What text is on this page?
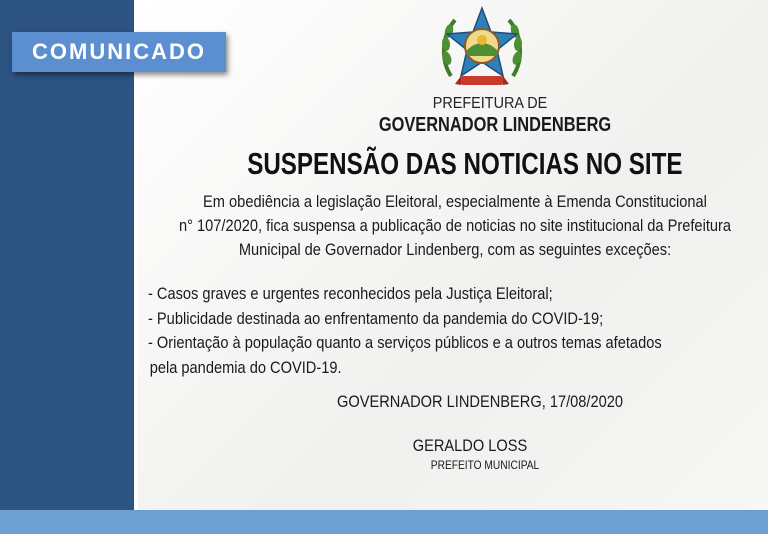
COMUNICADO
PREFEITURA DE
GOVERNADOR LINDENBERG
SUSPENSÃO DAS NOTICIAS NO SITE
Em obediência a legislação Eleitoral, especialmente à Emenda Constitucional
n° 107/2020, fica suspensa a publicação de noticias no site institucional da Prefeitura
Municipal de Governador Lindenberg, com as seguintes exceções:
- Casos graves e urgentes reconhecidos pela Justiça Eleitoral;
- Publicidade destinada ao enfrentamento da pandemia do COVID-19;
- Orientação à população quanto a serviços públicos e a outros temas afetados
pela pandemia do COVID-19.
GOVERNADOR LINDENBERG, 17/08/2020
GERALDO LOSS
PREFEITO MUNICIPAL
